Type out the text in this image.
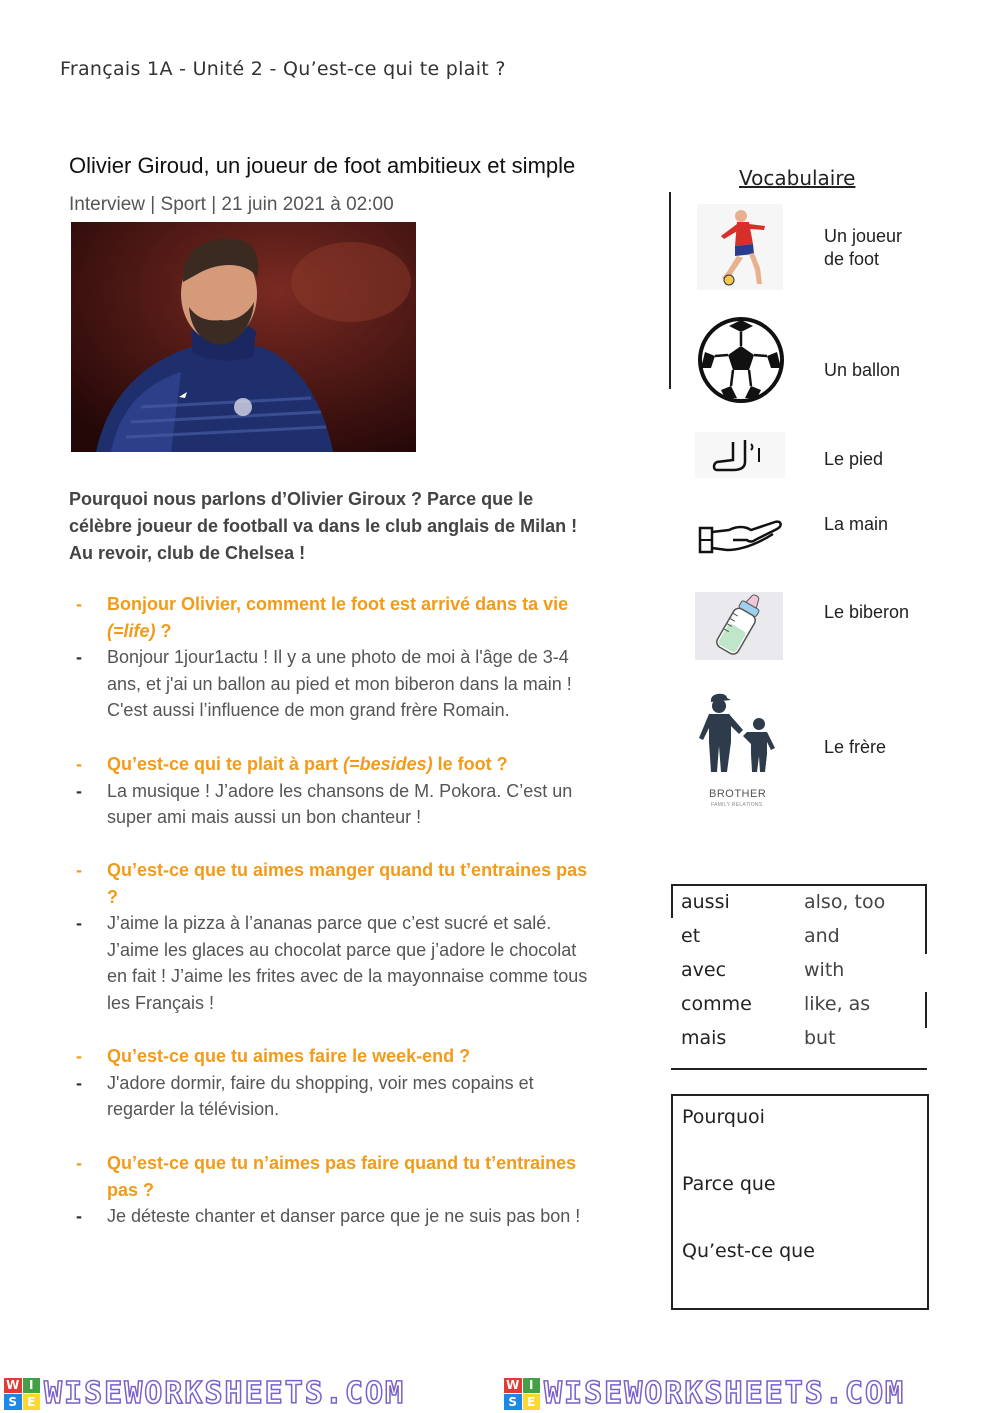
Français 1A - Unité 2 - Qu’est-ce qui te plait ?
Olivier Giroud, un joueur de foot ambitieux et simple
Interview | Sport | 21 juin 2021 à 02:00
Pourquoi nous parlons d’Olivier Giroux ? Parce que le
célèbre joueur de football va dans le club anglais de Milan !
Au revoir, club de Chelsea !
-	Bonjour Olivier, comment le foot est arrivé dans ta vie
(=life) ?
-	Bonjour 1jour1actu ! Il y a une photo de moi à l'âge de 3-4
ans, et j'ai un ballon au pied et mon biberon dans la main !
C'est aussi l’influence de mon grand frère Romain.
-	Qu’est-ce qui te plait à part (=besides) le foot ?
-	La musique ! J’adore les chansons de M. Pokora. C’est un
super ami mais aussi un bon chanteur !
-	Qu’est-ce que tu aimes manger quand tu t’entraines pas
?
-	J’aime la pizza à l’ananas parce que c’est sucré et salé.
J’aime les glaces au chocolat parce que j’adore le chocolat
en fait ! J’aime les frites avec de la mayonnaise comme tous
les Français !
-	Qu’est-ce que tu aimes faire le week-end ?
-	J'adore dormir, faire du shopping, voir mes copains et
regarder la télévision.
-	Qu’est-ce que tu n’aimes pas faire quand tu t’entraines
pas ?
-	Je déteste chanter et danser parce que je ne suis pas bon !
Vocabulaire
Un joueur
de foot
Un ballon
Le pied
La main
Le biberon
BROTHER
FAMILY RELATIONS
Le frère
aussi	also, too
et	and
avec	with
comme	like, as
mais	but
Pourquoi
Parce que
Qu’est-ce que
W I
S E WISEWORKSHEETS.COM	W I
S E WISEWORKSHEETS.COM
